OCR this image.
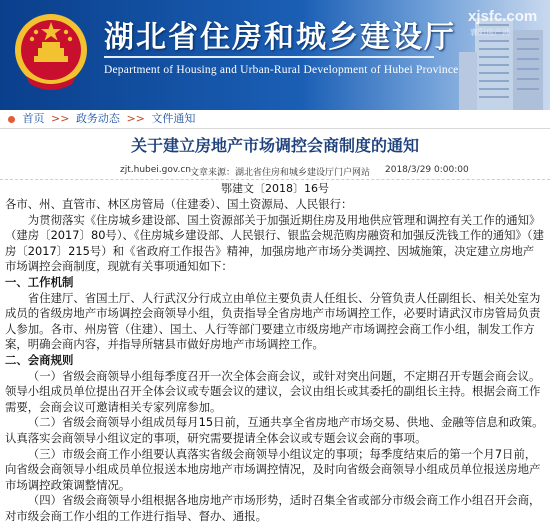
湖北省住房和城乡建设厅
Department of Housing and Urban-Rural Development of Hubei Province
xjsfc.com
襄阳房产网
首页 >> 政务动态 >> 文件通知
关于建立房地产市场调控会商制度的通知
zjt.hubei.gov.cn 文章来源：湖北省住房和城乡建设厅门户网站 2018/3/29 0:00:00
鄂建文〔2018〕16号

各市、州、直管市、林区房管局（住建委）、国土资源局、人民银行：

为贯彻落实《住房城乡建设部、国土资源部关于加强近期住房及用地供应管理和调控有关工作的通知》（建房〔2017〕80号）、《住房城乡建设部、人民银行、银监会规范购房融资和加强反洗钱工作的通知》（建房〔2017〕215号）和《省政府工作报告》精神，加强房地产市场分类调控、因城施策，决定建立房地产市场调控会商制度，现就有关事项通知如下：

一、工作机制

省住建厅、省国土厅、人行武汉分行成立由单位主要负责人任组长、分管负责人任副组长、相关处室为成员的省级房地产市场调控会商领导小组，负责指导全省房地产市场调控工作，必要时请武汉市房管局负责人参加。各市、州房管（住建）、国土、人行等部门要建立市级房地产市场调控会商工作小组，制发工作方案，明确会商内容，并指导所辖县市做好房地产市场调控工作。

二、会商规则

（一）省级会商领导小组每季度召开一次全体会商会议，或针对突出问题，不定期召开专题会商会议。领导小组成员单位提出召开全体会议或专题会议的建议，会议由组长或其委托的副组长主持。根据会商工作需要，会商会议可邀请相关专家列席参加。

（二）省级会商领导小组成员每月15日前，互通共享全省房地产市场交易、供地、金融等信息和政策。认真落实会商领导小组议定的事项，研究需要提请全体会议或专题会议会商的事项。

（三）市级会商工作小组要认真落实省级会商领导小组议定的事项；每季度结束后的第一个月7日前，向省级会商领导小组成员单位报送本地房地产市场调控情况，及时向省级会商领导小组成员单位报送房地产市场调控政策调整情况。

（四）省级会商领导小组根据各地房地产市场形势，适时召集全省或部分市级会商工作小组召开会商，对市级会商工作小组的工作进行指导、督办、通报。
